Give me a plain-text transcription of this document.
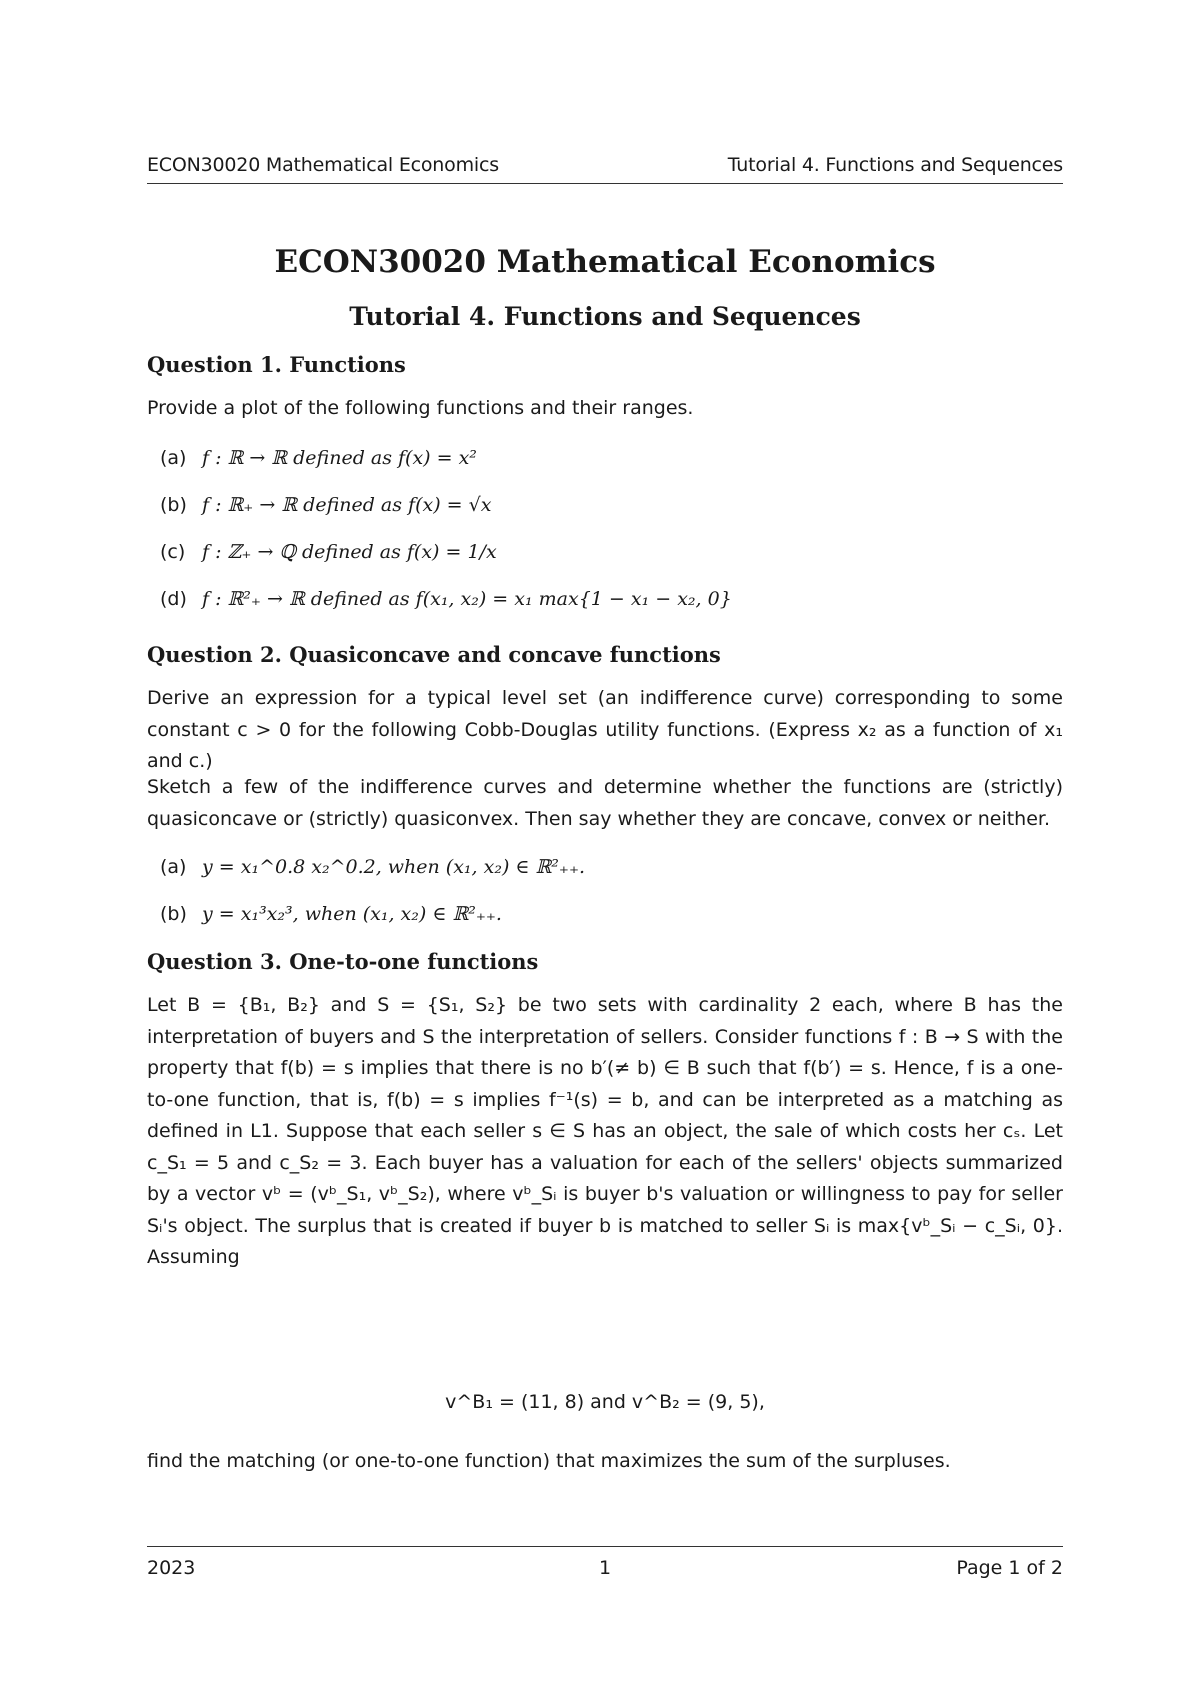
ECON30020 Mathematical Economics	Tutorial 4. Functions and Sequences
ECON30020 Mathematical Economics
Tutorial 4. Functions and Sequences
Question 1. Functions
Provide a plot of the following functions and their ranges.
(a) f : ℝ → ℝ defined as f(x) = x²
(b) f : ℝ₊ → ℝ defined as f(x) = √x
(c) f : ℤ₊ → ℚ defined as f(x) = 1/x
(d) f : ℝ²₊ → ℝ defined as f(x₁, x₂) = x₁ max{1 − x₁ − x₂, 0}
Question 2. Quasiconcave and concave functions
Derive an expression for a typical level set (an indifference curve) corresponding to some constant c > 0 for the following Cobb-Douglas utility functions. (Express x₂ as a function of x₁ and c.)
Sketch a few of the indifference curves and determine whether the functions are (strictly) quasiconcave or (strictly) quasiconvex. Then say whether they are concave, convex or neither.
(a) y = x₁^0.8 x₂^0.2, when (x₁, x₂) ∈ ℝ²₊₊.
(b) y = x₁³x₂³, when (x₁, x₂) ∈ ℝ²₊₊.
Question 3. One-to-one functions
Let B = {B₁, B₂} and S = {S₁, S₂} be two sets with cardinality 2 each, where B has the interpretation of buyers and S the interpretation of sellers. Consider functions f : B → S with the property that f(b) = s implies that there is no b′(≠ b) ∈ B such that f(b′) = s. Hence, f is a one-to-one function, that is, f(b) = s implies f⁻¹(s) = b, and can be interpreted as a matching as defined in L1. Suppose that each seller s ∈ S has an object, the sale of which costs her cₛ. Let c_S₁ = 5 and c_S₂ = 3. Each buyer has a valuation for each of the sellers' objects summarized by a vector vᵇ = (vᵇ_S₁, vᵇ_S₂), where vᵇ_Sᵢ is buyer b's valuation or willingness to pay for seller Sᵢ's object. The surplus that is created if buyer b is matched to seller Sᵢ is max{vᵇ_Sᵢ − c_Sᵢ, 0}. Assuming
v^B₁ = (11, 8) and v^B₂ = (9, 5),
find the matching (or one-to-one function) that maximizes the sum of the surpluses.
2023	1	Page 1 of 2
